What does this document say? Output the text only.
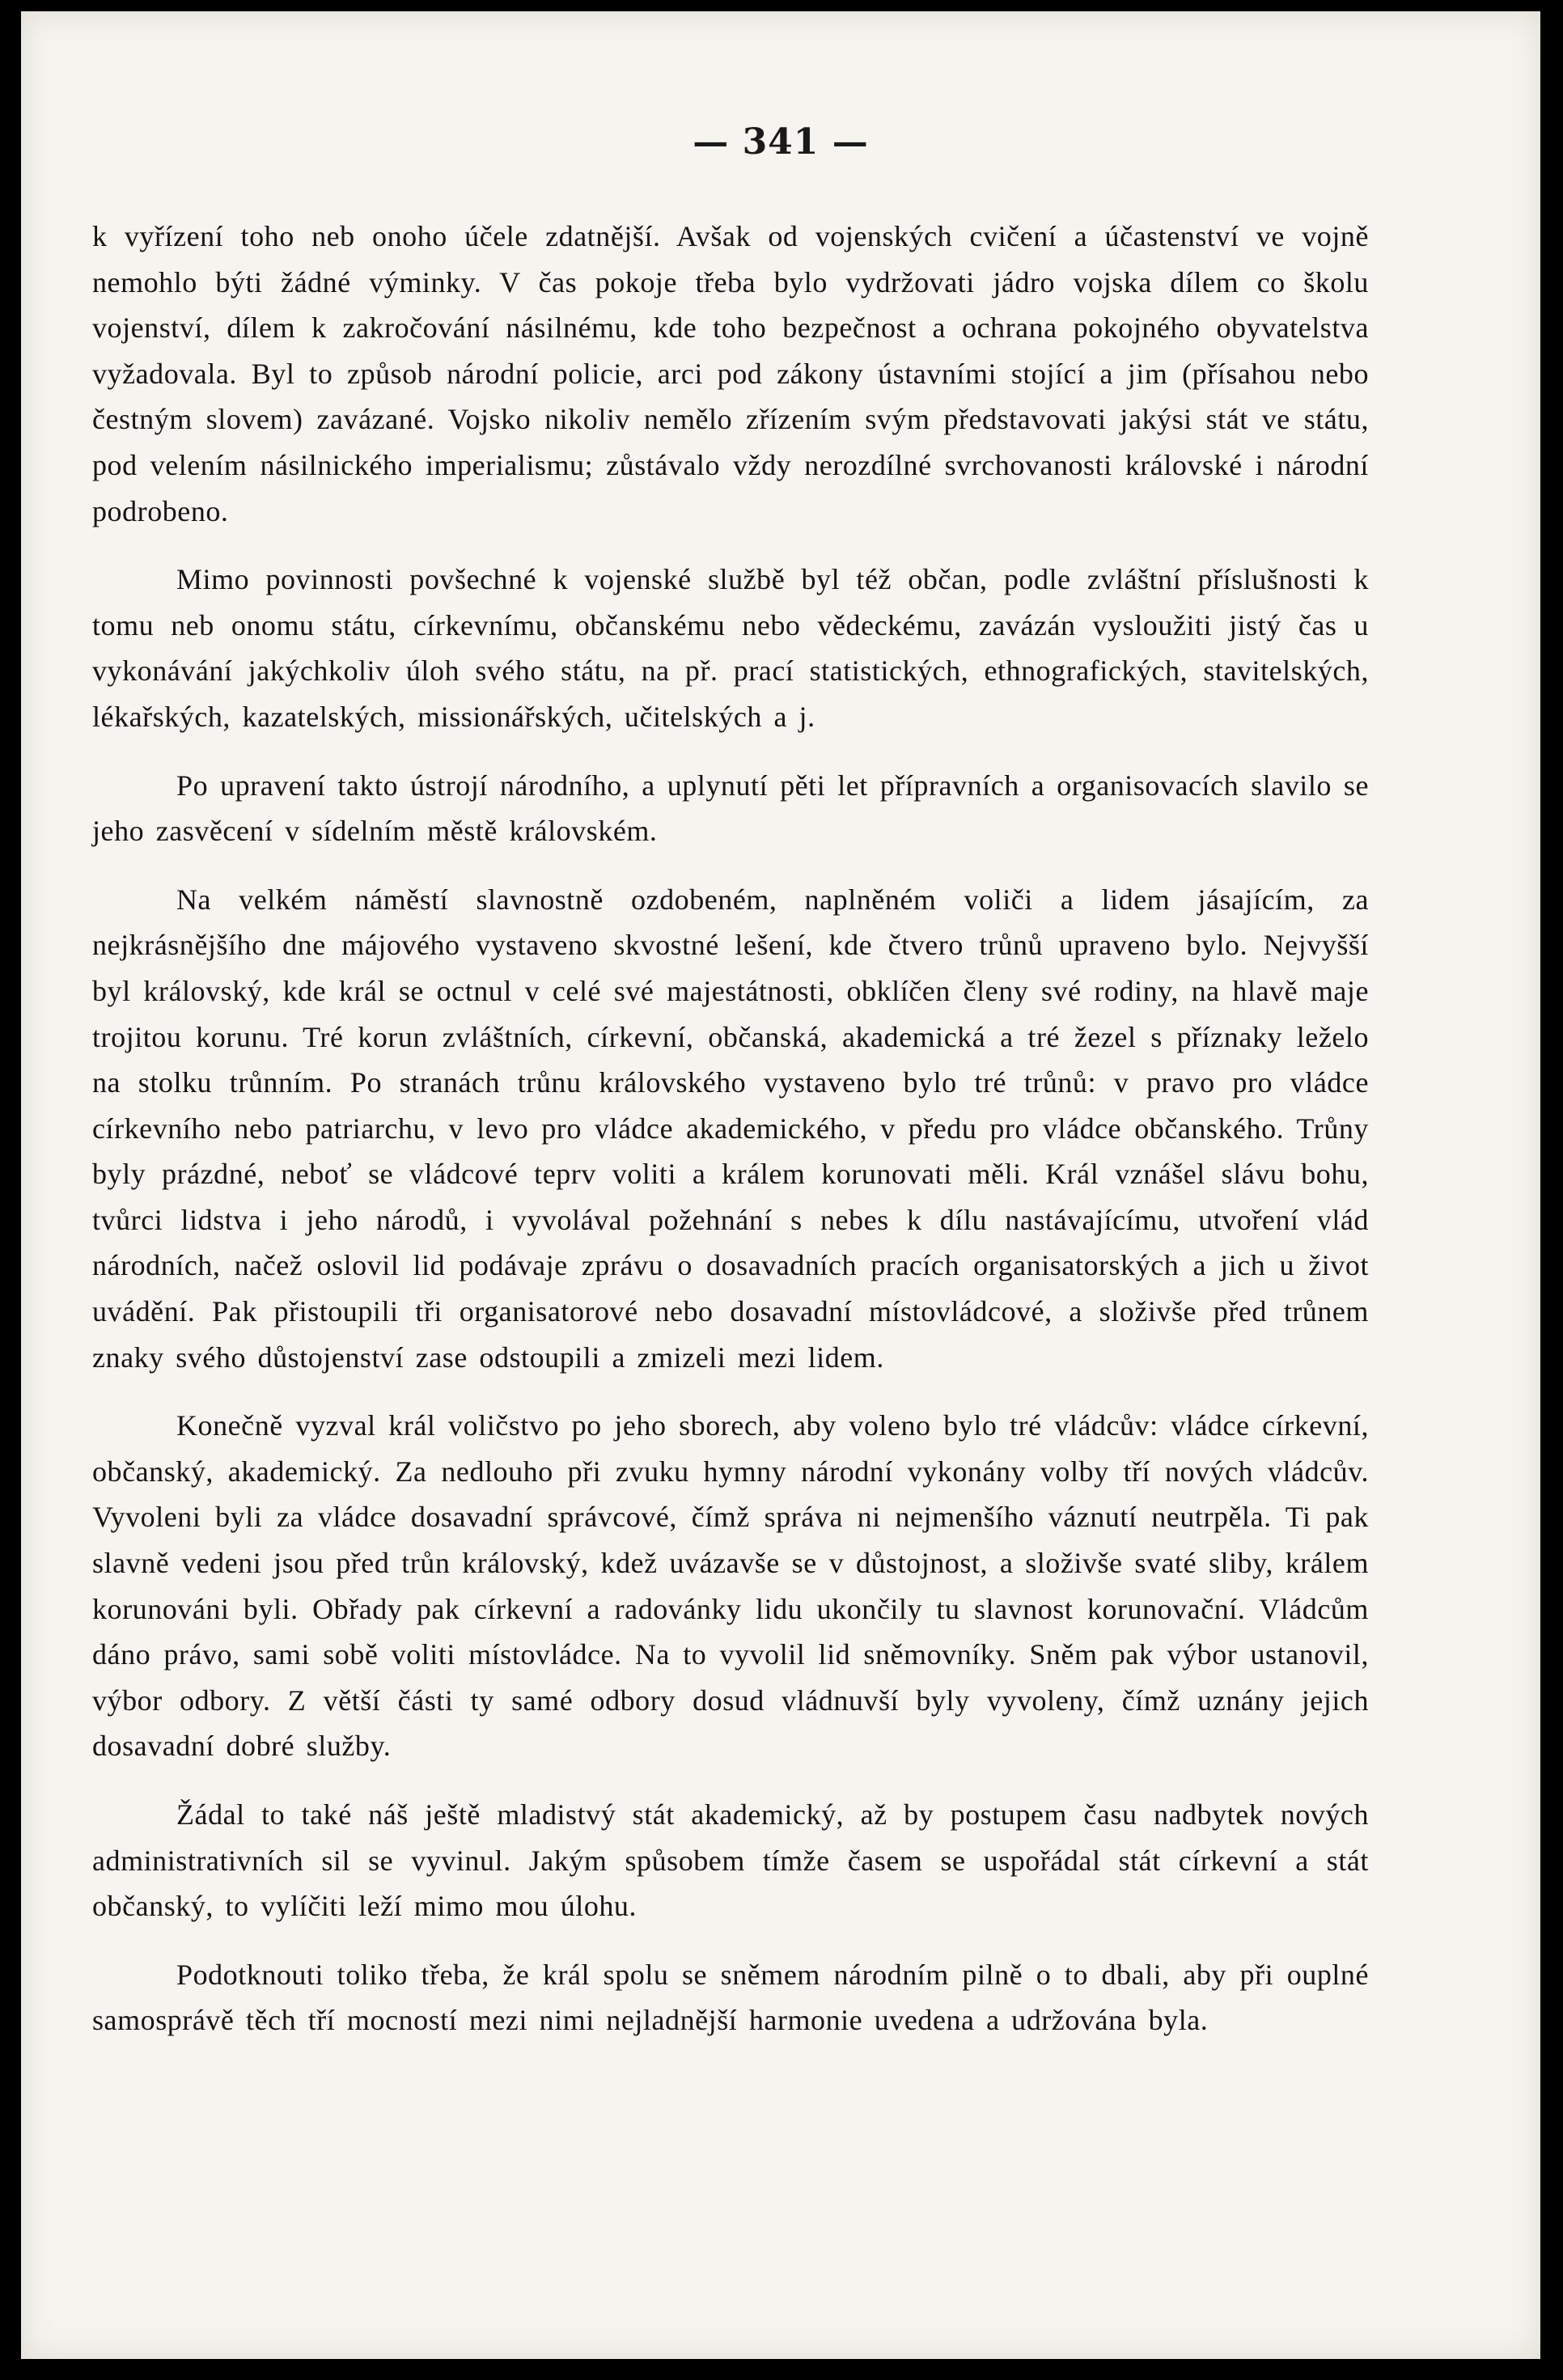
— 341 —

k vyřízení toho neb onoho účele zdatnější. Avšak od vojenských cvičení a účastenství ve vojně nemohlo býti žádné výminky. V čas pokoje třeba bylo vydržovati jádro vojska dílem co školu vojenství, dílem k zakročování násilnému, kde toho bezpečnost a ochrana pokojného obyvatelstva vyžadovala. Byl to způsob národní policie, arci pod zákony ústavními stojící a jim (přísahou nebo čestným slovem) zavázané. Vojsko nikoliv nemělo zřízením svým představovati jakýsi stát ve státu, pod velením násilnického imperialismu; zůstávalo vždy nerozdílné svrchovanosti královské i národní podrobeno.

Mimo povinnosti povšechné k vojenské službě byl též občan, podle zvláštní příslušnosti k tomu neb onomu státu, církevnímu, občanskému nebo vědeckému, zavázán vysloužiti jistý čas u vykonávání jakýchkoliv úloh svého státu, na př. prací statistických, ethnografických, stavitelských, lékařských, kazatelských, missionářských, učitelských a j.

Po upravení takto ústrojí národního, a uplynutí pěti let přípravních a organisovacích slavilo se jeho zasvěcení v sídelním městě královském.

Na velkém náměstí slavnostně ozdobeném, naplněném voliči a lidem jásajícím, za nejkrásnějšího dne májového vystaveno skvostné lešení, kde čtvero trůnů upraveno bylo. Nejvyšší byl královský, kde král se octnul v celé své majestátnosti, obklíčen členy své rodiny, na hlavě maje trojitou korunu. Tré korun zvláštních, církevní, občanská, akademická a tré žezel s příznaky leželo na stolku trůnním. Po stranách trůnu královského vystaveno bylo tré trůnů: v pravo pro vládce církevního nebo patriarchu, v levo pro vládce akademického, v předu pro vládce občanského. Trůny byly prázdné, neboť se vládcové teprv voliti a králem korunovati měli. Král vznášel slávu bohu, tvůrci lidstva i jeho národů, i vyvolával požehnání s nebes k dílu nastávajícímu, utvoření vlád národních, načež oslovil lid podávaje zprávu o dosavadních pracích organisatorských a jich u život uvádění. Pak přistoupili tři organisatorové nebo dosavadní místovládcové, a složivše před trůnem znaky svého důstojenství zase odstoupili a zmizeli mezi lidem.

Konečně vyzval král voličstvo po jeho sborech, aby voleno bylo tré vládcův: vládce církevní, občanský, akademický. Za nedlouho při zvuku hymny národní vykonány volby tří nových vládcův. Vyvoleni byli za vládce dosavadní správcové, čímž správa ni nejmenšího váznutí neutrpěla. Ti pak slavně vedeni jsou před trůn královský, kdež uvázavše se v důstojnost, a složivše svaté sliby, králem korunováni byli. Obřady pak církevní a radovánky lidu ukončily tu slavnost korunovační. Vládcům dáno právo, sami sobě voliti místovládce. Na to vyvolil lid sněmovníky. Sněm pak výbor ustanovil, výbor odbory. Z větší části ty samé odbory dosud vládnuvší byly vyvoleny, čímž uznány jejich dosavadní dobré služby.

Žádal to také náš ještě mladistvý stát akademický, až by postupem času nadbytek nových administrativních sil se vyvinul. Jakým spůsobem tímže časem se uspořádal stát církevní a stát občanský, to vylíčiti leží mimo mou úlohu.

Podotknouti toliko třeba, že král spolu se sněmem národním pilně o to dbali, aby při ouplné samosprávě těch tří mocností mezi nimi nejladnější harmonie uvedena a udržována byla.
